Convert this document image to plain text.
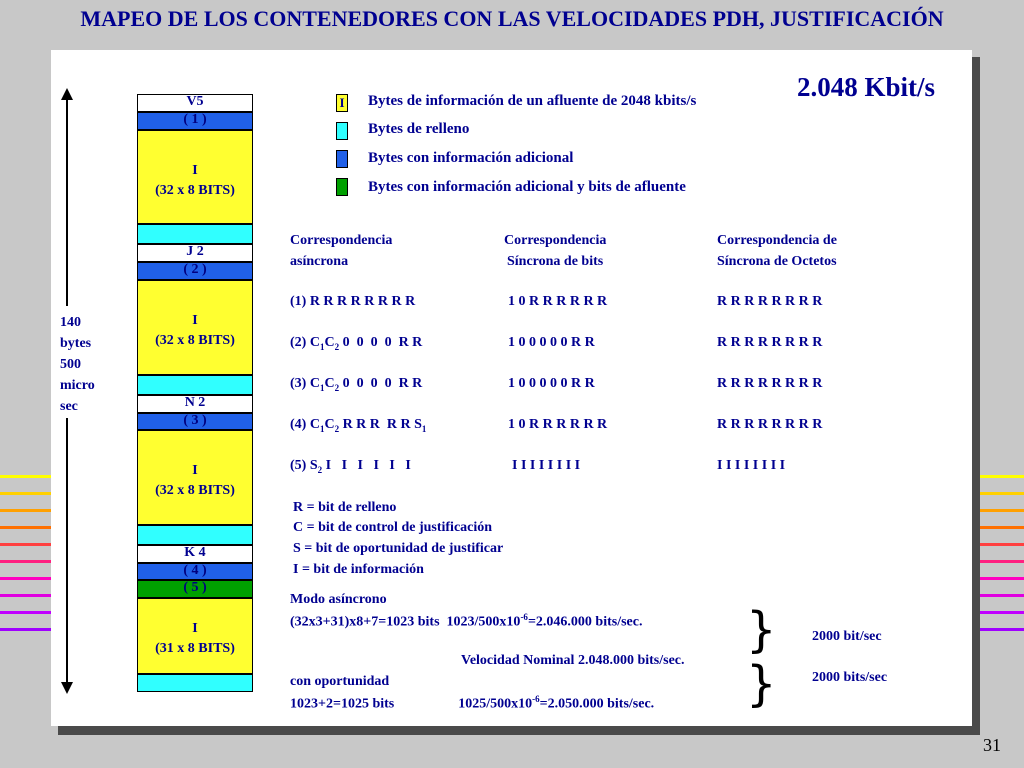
MAPEO DE LOS CONTENEDORES CON LAS VELOCIDADES PDH, JUSTIFICACIÓN
2.048 Kbit/s
V5
( 1 )
I
(32 x 8 BITS)
J 2
( 2 )
I
(32 x 8 BITS)
N 2
( 3 )
I
(32 x 8 BITS)
K 4
( 4 )
( 5 )
I
(31 x 8 BITS)
140
bytes
500
micro
sec
I Bytes de información de un afluente de 2048 kbits/s
Bytes de relleno
Bytes con información adicional
Bytes con información adicional y bits de afluente
Correspondencia
asíncrona
Correspondencia
Síncrona de bits
Correspondencia de
Síncrona de Octetos
(1) R R R R R R R R	1 0 R R R R R R	R R R R R R R R
(2) $C_1C_2$ 0  0  0  0  R R	1 0 0 0 0 0 R R	R R R R R R R R
(3) $C_1C_2$ 0  0  0  0  R R	1 0 0 0 0 0 R R	R R R R R R R R
(4) $C_1C_2$ R R R  R R $S_1$	1 0 R R R R R R	R R R R R R R R
(5) $S_2$ I   I   I   I   I   I	I I I I I I I I	I I I I I I I I
R = bit de relleno
C = bit de control de justificación
S = bit de oportunidad de justificar
I = bit de información
Modo asíncrono
(32x3+31)x8+7=1023 bits  $1023/500x10^{-6}=2.046.000$ bits/sec.
Velocidad Nominal 2.048.000 bits/sec.
con oportunidad
1023+2=1025 bits	$1025/500x10^{-6}=2.050.000$ bits/sec.
}
}
2000 bit/sec
2000 bits/sec
31
